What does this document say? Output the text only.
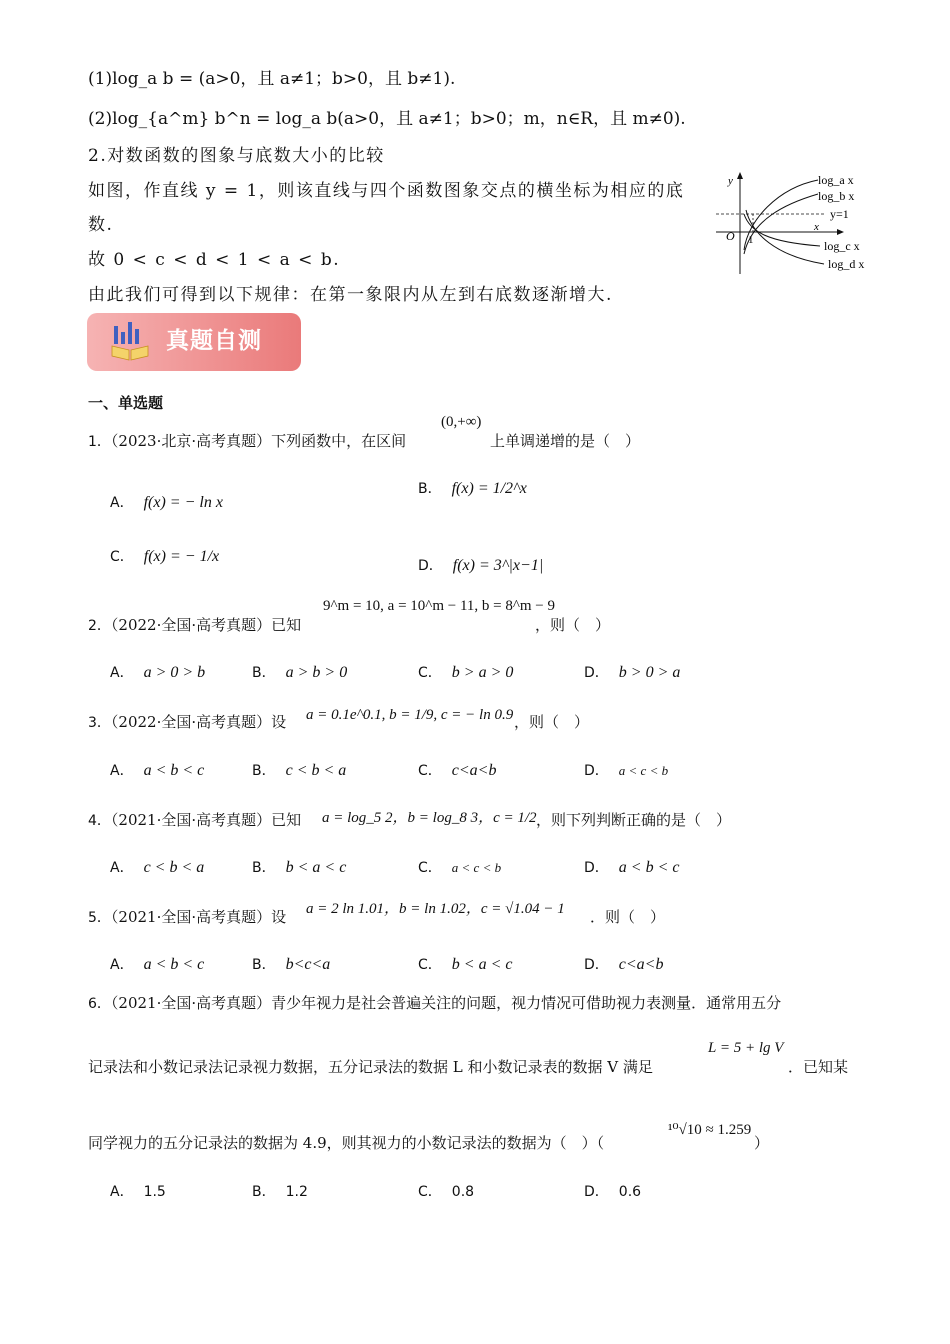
(1)log_a b = (a>0，且 a≠1；b>0，且 b≠1).
(2)log_{a^m} b^n = log_a b(a>0，且 a≠1；b>0；m，n∈R，且 m≠0).
2.对数函数的图象与底数大小的比较
如图，作直线 y = 1，则该直线与四个函数图象交点的横坐标为相应的底
数.
故 0 < c < d < 1 < a < b.
由此我们可得到以下规律：在第一象限内从左到右底数逐渐增大.
log_a x
log_b x
y=1
log_c x
log_d x
y
x
O 1
真题自测
一、单选题
1．（2023·北京·高考真题）下列函数中，在区间
(0,+∞)
上单调递增的是（　）
A． f(x) = − ln x
B． f(x) = 1/2^x
C． f(x) = − 1/x
D． f(x) = 3^|x−1|
2．（2022·全国·高考真题）已知
9^m = 10, a = 10^m − 11, b = 8^m − 9
，则（　）
A． a > 0 > b	B． a > b > 0	C． b > a > 0	D． b > 0 > a
3．（2022·全国·高考真题）设 a = 0.1e^0.1, b = 1/9, c = − ln 0.9 ，则（　）
A． a < b < c	B． c < b < a	C． c<a<b	D． a < c < b
4．（2021·全国·高考真题）已知 a = log_5 2，b = log_8 3，c = 1/2 ，则下列判断正确的是（　）
A． c < b < a	B． b < a < c	C． a < c < b	D． a < b < c
5．（2021·全国·高考真题）设 a = 2 ln 1.01，b = ln 1.02，c = √1.04 − 1 ．则（　）
A． a < b < c	B． b<c<a	C． b < a < c	D． c<a<b
6．（2021·全国·高考真题）青少年视力是社会普遍关注的问题，视力情况可借助视力表测量．通常用五分
记录法和小数记录法记录视力数据，五分记录法的数据 L 和小数记录表的数据 V 满足
L = 5 + lg V
．已知某
同学视力的五分记录法的数据为 4.9，则其视力的小数记录法的数据为（　）（
¹⁰√10 ≈ 1.259
）
A． 1.5	B． 1.2	C． 0.8	D． 0.6
